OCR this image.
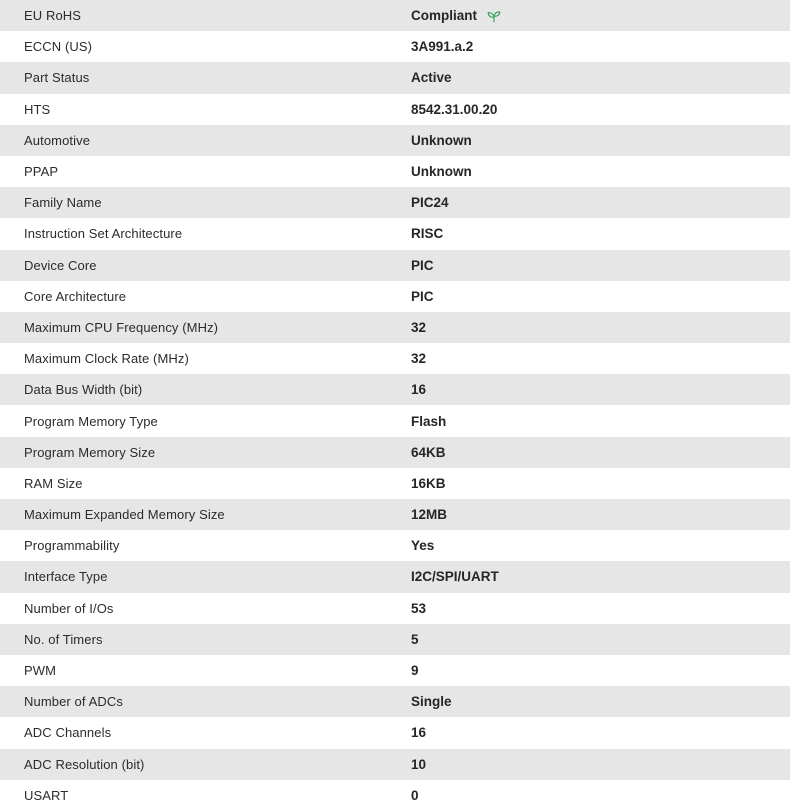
EU RoHS	Compliant

ECCN (US)	3A991.a.2
Part Status	Active
HTS	8542.31.00.20
Automotive	Unknown
PPAP	Unknown
Family Name	PIC24
Instruction Set Architecture	RISC
Device Core	PIC
Core Architecture	PIC
Maximum CPU Frequency (MHz)	32
Maximum Clock Rate (MHz)	32
Data Bus Width (bit)	16
Program Memory Type	Flash
Program Memory Size	64KB
RAM Size	16KB
Maximum Expanded Memory Size	12MB
Programmability	Yes
Interface Type	I2C/SPI/UART
Number of I/Os	53
No. of Timers	5
PWM	9
Number of ADCs	Single
ADC Channels	16
ADC Resolution (bit)	10
USART	0
